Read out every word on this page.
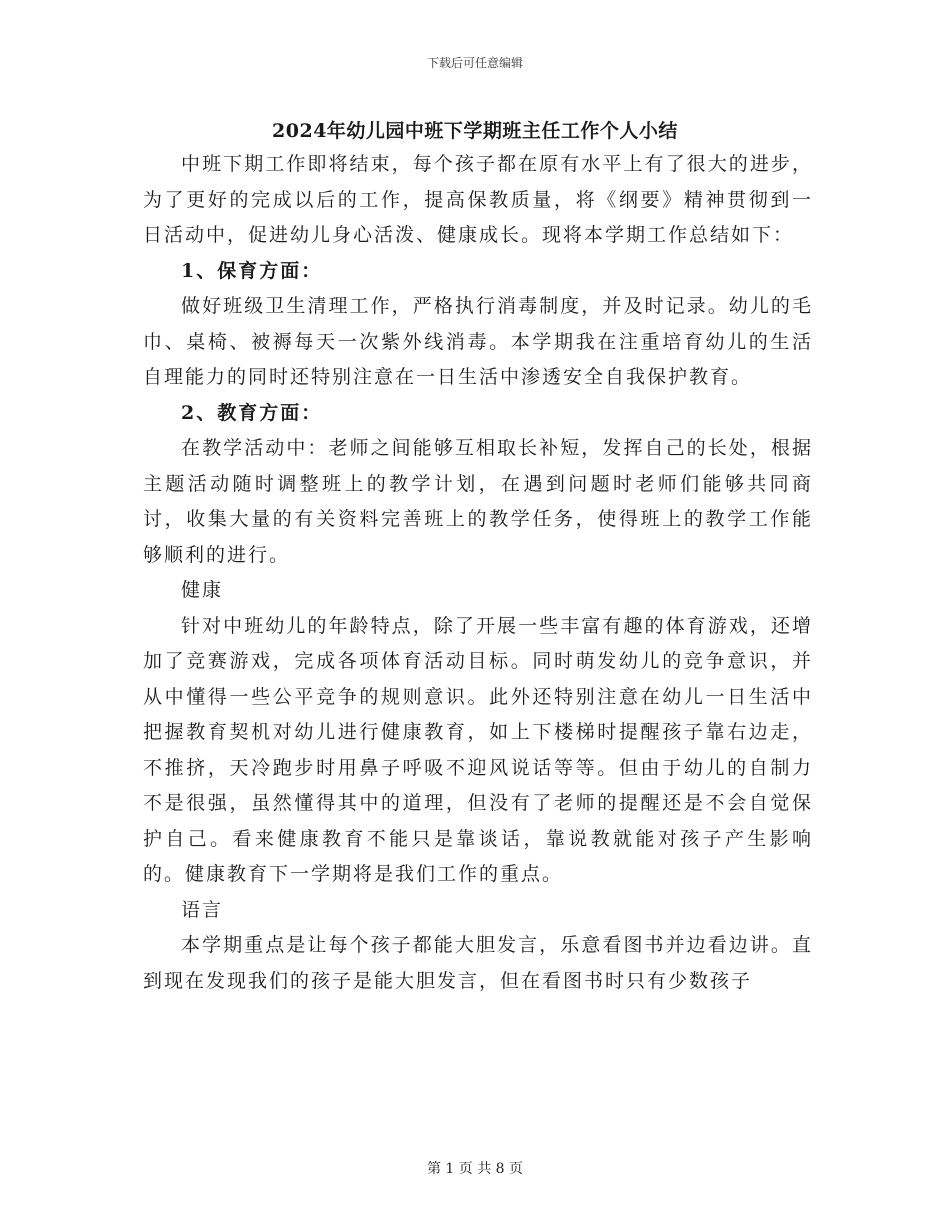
下载后可任意编辑
2024年幼儿园中班下学期班主任工作个人小结

中班下期工作即将结束，每个孩子都在原有水平上有了很大的进步，为了更好的完成以后的工作，提高保教质量，将《纲要》精神贯彻到一日活动中，促进幼儿身心活泼、健康成长。现将本学期工作总结如下：

1、保育方面：

做好班级卫生清理工作，严格执行消毒制度，并及时记录。幼儿的毛巾、桌椅、被褥每天一次紫外线消毒。本学期我在注重培育幼儿的生活自理能力的同时还特别注意在一日生活中渗透安全自我保护教育。

2、教育方面：

在教学活动中：老师之间能够互相取长补短，发挥自己的长处，根据主题活动随时调整班上的教学计划，在遇到问题时老师们能够共同商讨，收集大量的有关资料完善班上的教学任务，使得班上的教学工作能够顺利的进行。

健康

针对中班幼儿的年龄特点，除了开展一些丰富有趣的体育游戏，还增加了竞赛游戏，完成各项体育活动目标。同时萌发幼儿的竞争意识，并从中懂得一些公平竞争的规则意识。此外还特别注意在幼儿一日生活中把握教育契机对幼儿进行健康教育，如上下楼梯时提醒孩子靠右边走，不推挤，天冷跑步时用鼻子呼吸不迎风说话等等。但由于幼儿的自制力不是很强，虽然懂得其中的道理，但没有了老师的提醒还是不会自觉保护自己。看来健康教育不能只是靠谈话，靠说教就能对孩子产生影响的。健康教育下一学期将是我们工作的重点。

语言

本学期重点是让每个孩子都能大胆发言，乐意看图书并边看边讲。直到现在发现我们的孩子是能大胆发言，但在看图书时只有少数孩子

第 1 页 共 8 页
